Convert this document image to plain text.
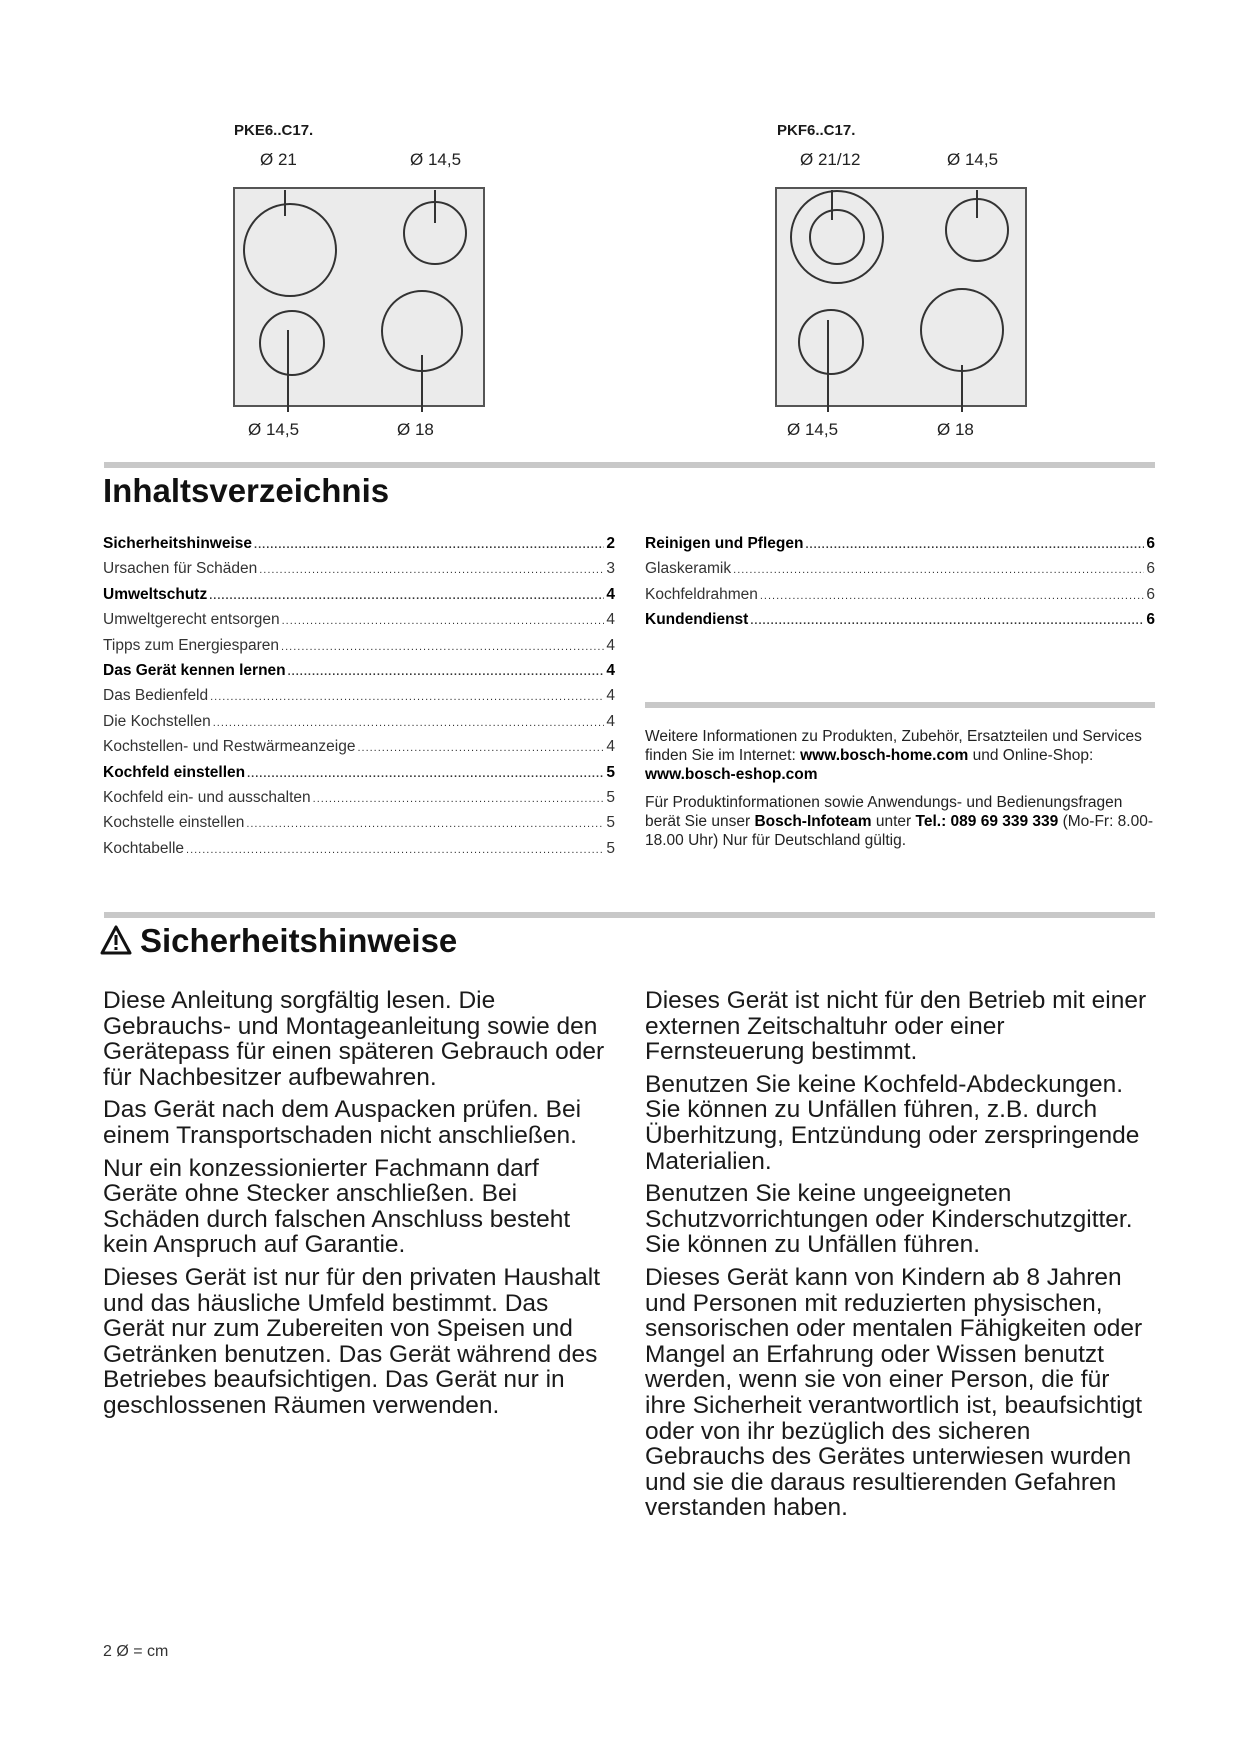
PKE6..C17.
Ø 21	Ø 14,5
Ø 14,5	Ø 18
PKF6..C17.
Ø 21/12	Ø 14,5
Ø 14,5	Ø 18
Inhaltsverzeichnis
Sicherheitshinweise .....	2
Ursachen für Schäden .....	3
Umweltschutz .....	4
Umweltgerecht entsorgen .....	4
Tipps zum Energiesparen .....	4
Das Gerät kennen lernen .....	4
Das Bedienfeld .....	4
Die Kochstellen .....	4
Kochstellen- und Restwärmeanzeige .....	4
Kochfeld einstellen .....	5
Kochfeld ein- und ausschalten .....	5
Kochstelle einstellen .....	5
Kochtabelle .....	5
Reinigen und Pflegen .....	6
Glaskeramik .....	6
Kochfeldrahmen .....	6
Kundendienst .....	6

Weitere Informationen zu Produkten, Zubehör, Ersatzteilen und Services finden Sie im Internet: www.bosch-home.com und Online-Shop: www.bosch-eshop.com

Für Produktinformationen sowie Anwendungs- und Bedienungsfragen berät Sie unser Bosch-Infoteam unter Tel.: 089 69 339 339 (Mo-Fr: 8.00-18.00 Uhr) Nur für Deutschland gültig.

Sicherheitshinweise

Diese Anleitung sorgfältig lesen. Die Gebrauchs- und Montageanleitung sowie den Gerätepass für einen späteren Gebrauch oder für Nachbesitzer aufbewahren.

Das Gerät nach dem Auspacken prüfen. Bei einem Transportschaden nicht anschließen.

Nur ein konzessionierter Fachmann darf Geräte ohne Stecker anschließen. Bei Schäden durch falschen Anschluss besteht kein Anspruch auf Garantie.

Dieses Gerät ist nur für den privaten Haushalt und das häusliche Umfeld bestimmt. Das Gerät nur zum Zubereiten von Speisen und Getränken benutzen. Das Gerät während des Betriebes beaufsichtigen. Das Gerät nur in geschlossenen Räumen verwenden.

Dieses Gerät ist nicht für den Betrieb mit einer externen Zeitschaltuhr oder einer Fernsteuerung bestimmt.

Benutzen Sie keine Kochfeld-Abdeckungen. Sie können zu Unfällen führen, z.B. durch Überhitzung, Entzündung oder zerspringende Materialien.

Benutzen Sie keine ungeeigneten Schutzvorrichtungen oder Kinderschutzgitter. Sie können zu Unfällen führen.

Dieses Gerät kann von Kindern ab 8 Jahren und Personen mit reduzierten physischen, sensorischen oder mentalen Fähigkeiten oder Mangel an Erfahrung oder Wissen benutzt werden, wenn sie von einer Person, die für ihre Sicherheit verantwortlich ist, beaufsichtigt oder von ihr bezüglich des sicheren Gebrauchs des Gerätes unterwiesen wurden und sie die daraus resultierenden Gefahren verstanden haben.

2 Ø = cm
